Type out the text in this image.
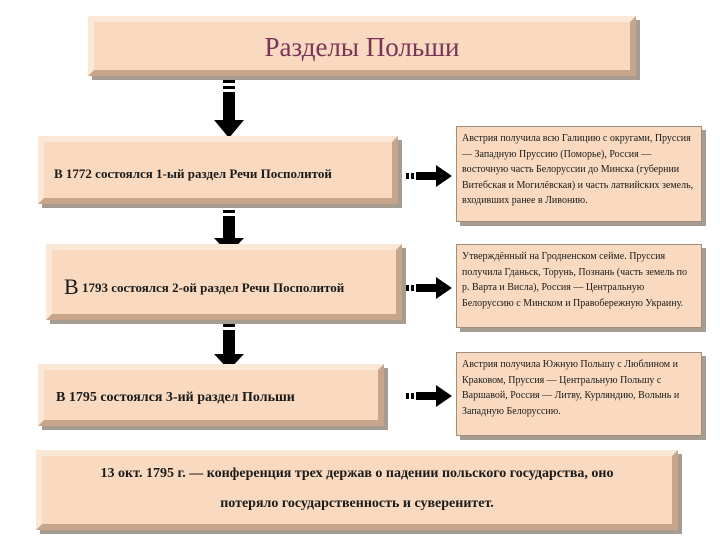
Разделы Польши
В 1772 состоялся 1-ый раздел Речи Посполитой
Австрия получила всю Галицию с округами, Пруссия — Западную Пруссию (Поморье), Россия — восточную часть Белоруссии до Минска (губернии Витебская и Могилёвская) и часть латвийских земель, входивших ранее в Ливонию.
В 1793 состоялся 2-ой раздел Речи Посполитой
Утверждённый на Гродненском сейме. Пруссия получила Гданьск, Торунь, Познань (часть земель по р. Варта и Висла), Россия — Центральную Белоруссию с Минском и Правобережную Украину.
В 1795 состоялся 3-ий раздел Польши
Австрия получила Южную Польшу с Люблином и Краковом, Пруссия — Центральную Польшу с Варшавой, Россия — Литву, Курляндию, Волынь и Западную Белоруссию.
13 окт. 1795 г. — конференция трех держав о падении польского государства, оно
потеряло государственность и суверенитет.
